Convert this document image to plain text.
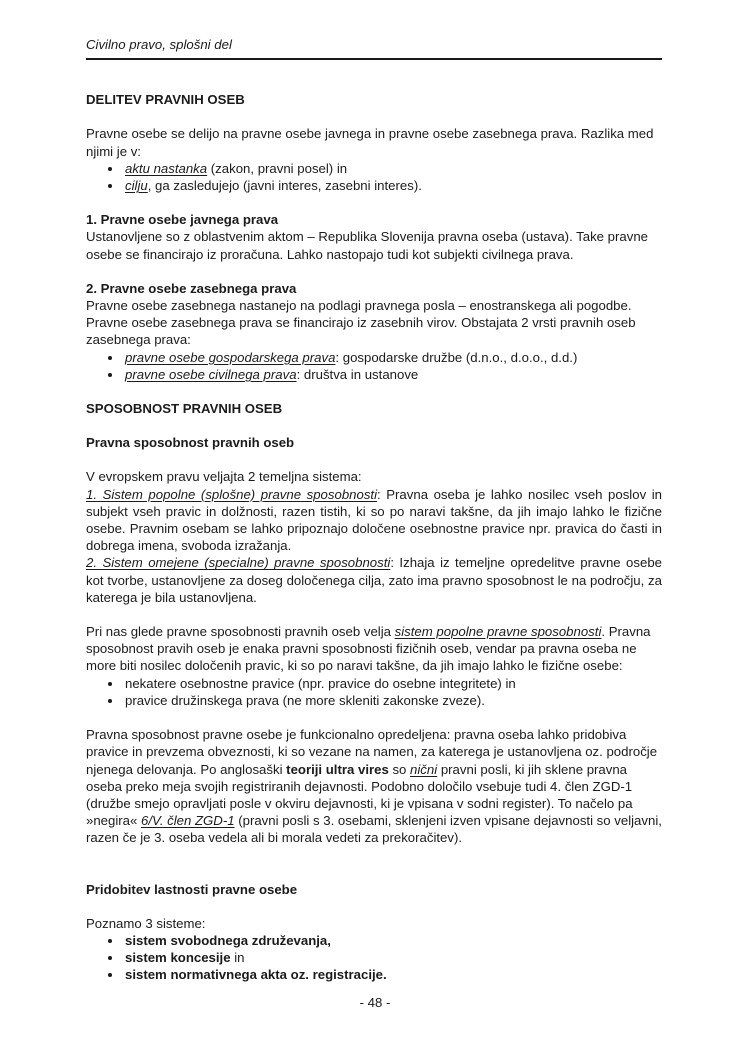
Civilno pravo, splošni del
DELITEV PRAVNIH OSEB

Pravne osebe se delijo na pravne osebe javnega in pravne osebe zasebnega prava. Razlika med njimi je v:

• aktu nastanka (zakon, pravni posel) in
• cilju, ga zasledujejo (javni interes, zasebni interes).
1. Pravne osebe javnega prava

Ustanovljene so z oblastvenim aktom – Republika Slovenija pravna oseba (ustava). Take pravne osebe se financirajo iz proračuna. Lahko nastopajo tudi kot subjekti civilnega prava.

2. Pravne osebe zasebnega prava

Pravne osebe zasebnega nastanejo na podlagi pravnega posla – enostranskega ali pogodbe. Pravne osebe zasebnega prava se financirajo iz zasebnih virov. Obstajata 2 vrsti pravnih oseb zasebnega prava:

• pravne osebe gospodarskega prava: gospodarske družbe (d.n.o., d.o.o., d.d.)
• pravne osebe civilnega prava: društva in ustanove
SPOSOBNOST PRAVNIH OSEB
Pravna sposobnost pravnih oseb
V evropskem pravu veljajta 2 temeljna sistema:
1. Sistem popolne (splošne) pravne sposobnosti: Pravna oseba je lahko nosilec vseh poslov in subjekt vseh pravic in dolžnosti, razen tistih, ki so po naravi takšne, da jih imajo lahko le fizične osebe. Pravnim osebam se lahko pripoznajo določene osebnostne pravice npr. pravica do časti in dobrega imena, svoboda izražanja.
2. Sistem omejene (specialne) pravne sposobnosti: Izhaja iz temeljne opredelitve pravne osebe kot tvorbe, ustanovljene za doseg določenega cilja, zato ima pravno sposobnost le na področju, za katerega je bila ustanovljena.

Pri nas glede pravne sposobnosti pravnih oseb velja sistem popolne pravne sposobnosti. Pravna sposobnost pravih oseb je enaka pravni sposobnosti fizičnih oseb, vendar pa pravna oseba ne more biti nosilec določenih pravic, ki so po naravi takšne, da jih imajo lahko le fizične osebe:

• nekatere osebnostne pravice (npr. pravice do osebne integritete) in
• pravice družinskega prava (ne more skleniti zakonske zveze).

Pravna sposobnost pravne osebe je funkcionalno opredeljena: pravna oseba lahko pridobiva pravice in prevzema obveznosti, ki so vezane na namen, za katerega je ustanovljena oz. področje njenega delovanja. Po anglosaški teoriji ultra vires so nični pravni posli, ki jih sklene pravna oseba preko meja svojih registriranih dejavnosti. Podobno določilo vsebuje tudi 4. člen ZGD-1 (družbe smejo opravljati posle v okviru dejavnosti, ki je vpisana v sodni register). To načelo pa »negira« 6/V. člen ZGD-1 (pravni posli s 3. osebami, sklenjeni izven vpisane dejavnosti so veljavni, razen če je 3. oseba vedela ali bi morala vedeti za prekoračitev).

Pridobitev lastnosti pravne osebe

Poznamo 3 sisteme:

• sistem svobodnega združevanja,
• sistem koncesije in
• sistem normativnega akta oz. registracije.
- 48 -
